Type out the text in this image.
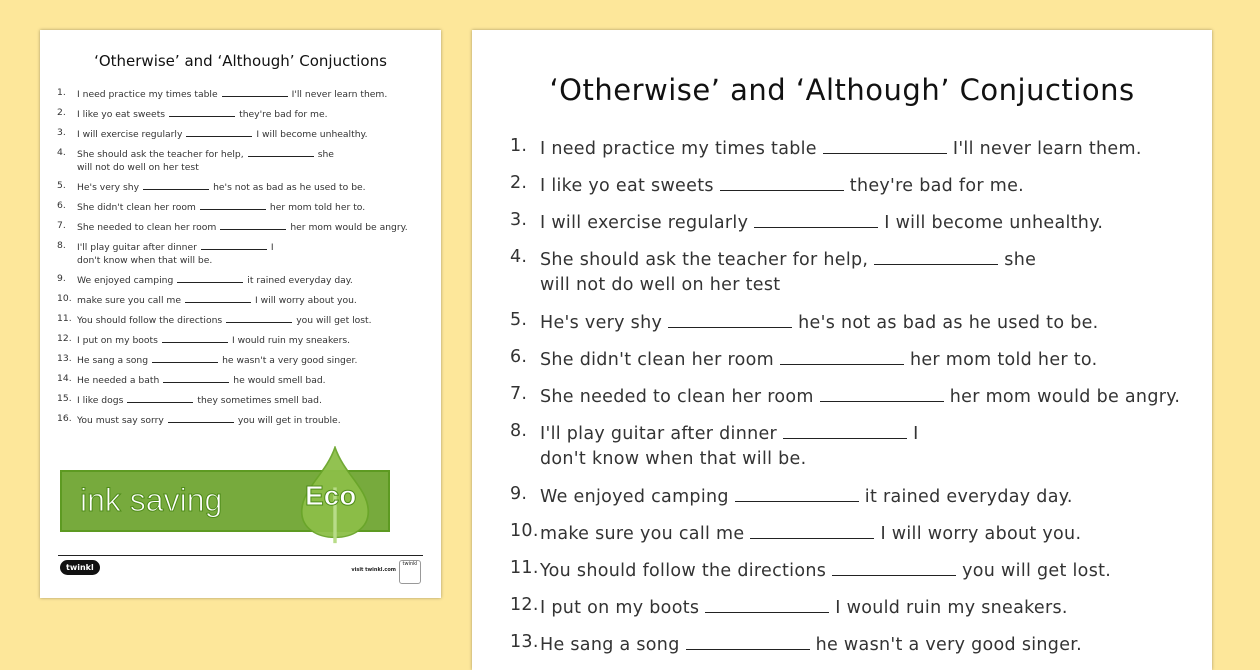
‘Otherwise’ and ‘Although’ Conjuctions
1.	I need practice my times table	I'll never learn them.
2.	I like yo eat sweets	they're bad for me.
3.	I will exercise regularly	I will become unhealthy.
4.	She should ask the teacher for help,	she
will not do well on her test
5.	He's very shy	he's not as bad as he used to be.
6.	She didn't clean her room	her mom told her to.
7.	She needed to clean her room	her mom would be angry.
8.	I'll play guitar after dinner	I
don't know when that will be.
9.	We enjoyed camping	it rained everyday day.
10. make sure you call me	I will worry about you.
11. You should follow the directions	you will get lost.
12. I put on my boots	I would ruin my sneakers.
13. He sang a song	he wasn't a very good singer.
14. He needed a bath	he would smell bad.
15. I like dogs	they sometimes smell bad.
16. You must say sorry	you will get in trouble.
twinkl	visit twinkl.com
twinkl
‘Otherwise’ and ‘Although’ Conjuctions
1. I need practice my times table	I'll never learn them.
2. I like yo eat sweets	they're bad for me.
3. I will exercise regularly	I will become unhealthy.
4. She should ask the teacher for help,	she
will not do well on her test
5. He's very shy	he's not as bad as he used to be.
6. She didn't clean her room	her mom told her to.
7. She needed to clean her room	her mom would be angry.
8. I'll play guitar after dinner	I
don't know when that will be.
9. We enjoyed camping	it rained everyday day.
10. make sure you call me	I will worry about you.
11. You should follow the directions	you will get lost.
12. I put on my boots	I would ruin my sneakers.
13. He sang a song	he wasn't a very good singer.
ink saving	Eco
